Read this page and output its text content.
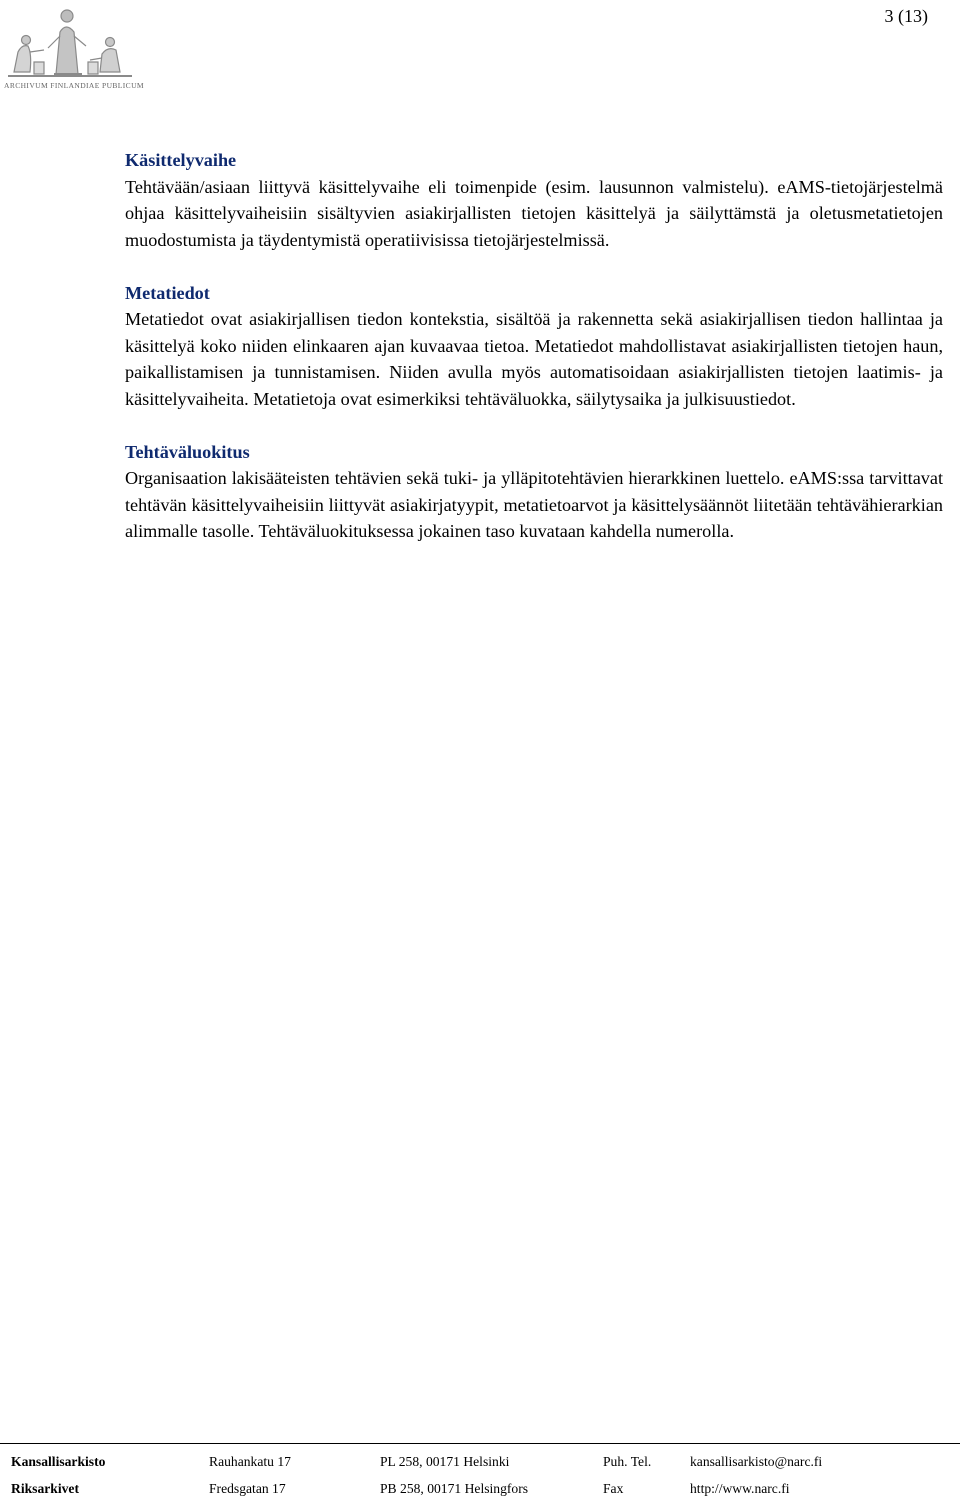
3 (13)
ARCHIVUM FINLANDIAE PUBLICUM

Käsittelyvaihe

Tehtävään/asiaan liittyvä käsittelyvaihe eli toimenpide (esim. lausunnon valmistelu). eAMS-tietojärjestelmä ohjaa käsittelyvaiheisiin sisältyvien asiakirjallisten tietojen käsittelyä ja säilyttämstä ja oletusmetatietojen muodostumista ja täydentymistä operatiivisissa tietojärjestelmissä.

Metatiedot

Metatiedot ovat asiakirjallisen tiedon kontekstia, sisältöä ja rakennetta sekä asiakirjallisen tiedon hallintaa ja käsittelyä koko niiden elinkaaren ajan kuvaavaa tietoa. Metatiedot mahdollistavat asiakirjallisten tietojen haun, paikallistamisen ja tunnistamisen. Niiden avulla myös automatisoidaan asiakirjallisten tietojen laatimis- ja käsittelyvaiheita. Metatietoja ovat esimerkiksi tehtäväluokka, säilytysaika ja julkisuustiedot.

Tehtäväluokitus

Organisaation lakisääteisten tehtävien sekä tuki- ja ylläpitotehtävien hierarkkinen luettelo. eAMS:ssa tarvittavat tehtävän käsittelyvaiheisiin liittyvät asiakirjatyypit, metatietoarvot ja käsittelysäännöt liitetään tehtävähierarkian alimmalle tasolle. Tehtäväluokituksessa jokainen taso kuvataan kahdella numerolla.

Kansallisarkisto	Rauhankatu 17	PL 258, 00171 Helsinki	Puh. Tel.	kansallisarkisto@narc.fi
Riksarkivet	Fredsgatan 17	PB 258, 00171 Helsingfors	Fax	http://www.narc.fi
